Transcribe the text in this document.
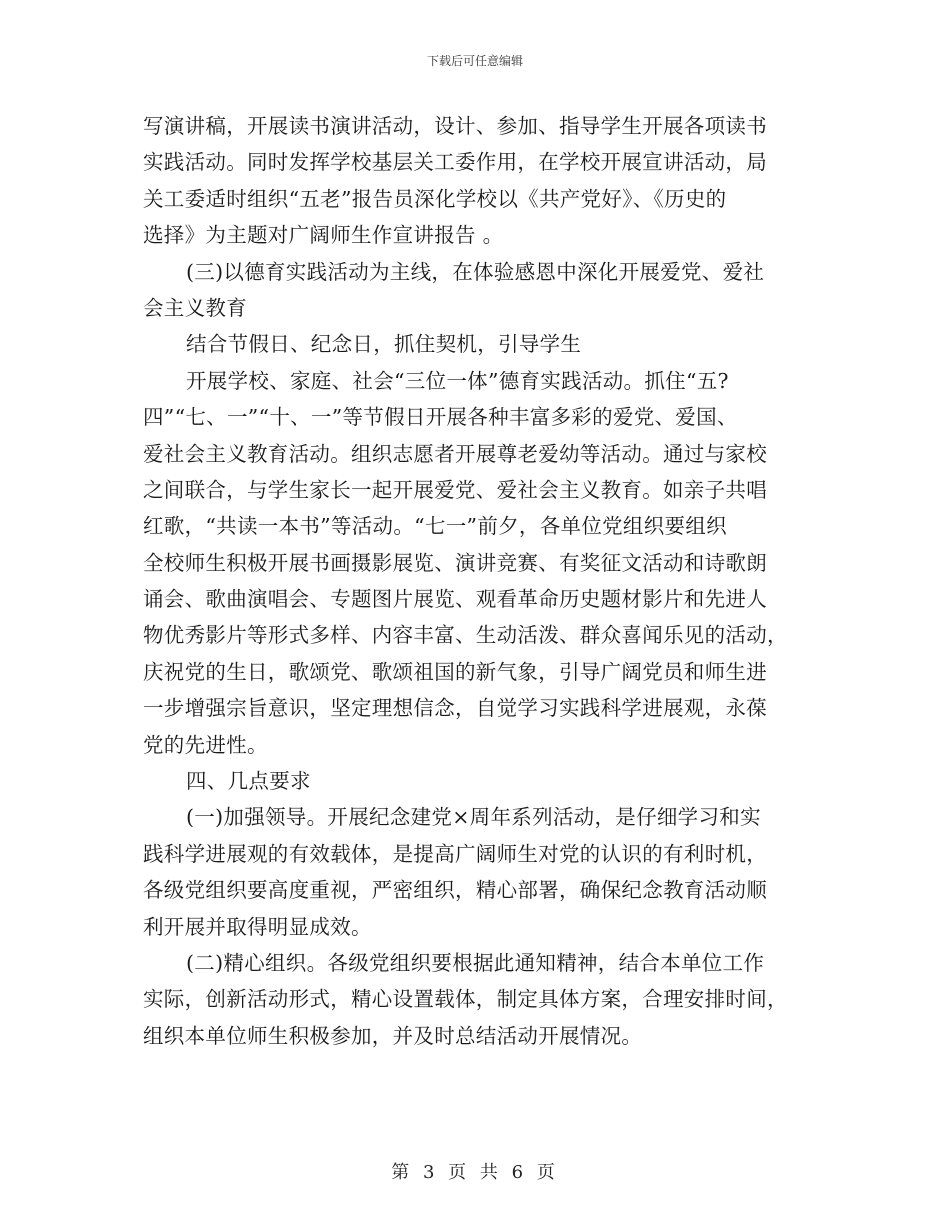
下载后可任意编辑
写演讲稿，开展读书演讲活动，设计、参加、指导学生开展各项读书
实践活动。同时发挥学校基层关工委作用，在学校开展宣讲活动，局
关工委适时组织“五老”报告员深化学校以《共产党好》、《历史的
选择》为主题对广阔师生作宣讲报告 。
(三)以德育实践活动为主线，在体验感恩中深化开展爱党、爱社
会主义教育
结合节假日、纪念日，抓住契机，引导学生
开展学校、家庭、社会“三位一体”德育实践活动。抓住“五?
四”“七、一”“十、一”等节假日开展各种丰富多彩的爱党、爱国、
爱社会主义教育活动。组织志愿者开展尊老爱幼等活动。通过与家校
之间联合，与学生家长一起开展爱党、爱社会主义教育。如亲子共唱
红歌，“共读一本书”等活动。“七一”前夕，各单位党组织要组织
全校师生积极开展书画摄影展览、演讲竞赛、有奖征文活动和诗歌朗
诵会、歌曲演唱会、专题图片展览、观看革命历史题材影片和先进人
物优秀影片等形式多样、内容丰富、生动活泼、群众喜闻乐见的活动，
庆祝党的生日，歌颂党、歌颂祖国的新气象，引导广阔党员和师生进
一步增强宗旨意识，坚定理想信念，自觉学习实践科学进展观，永葆
党的先进性。
四、几点要求
(一)加强领导。开展纪念建党×周年系列活动，是仔细学习和实
践科学进展观的有效载体，是提高广阔师生对党的认识的有利时机，
各级党组织要高度重视，严密组织，精心部署，确保纪念教育活动顺
利开展并取得明显成效。
(二)精心组织。各级党组织要根据此通知精神，结合本单位工作
实际，创新活动形式，精心设置载体，制定具体方案，合理安排时间，
组织本单位师生积极参加，并及时总结活动开展情况。
第 3 页 共 6 页
